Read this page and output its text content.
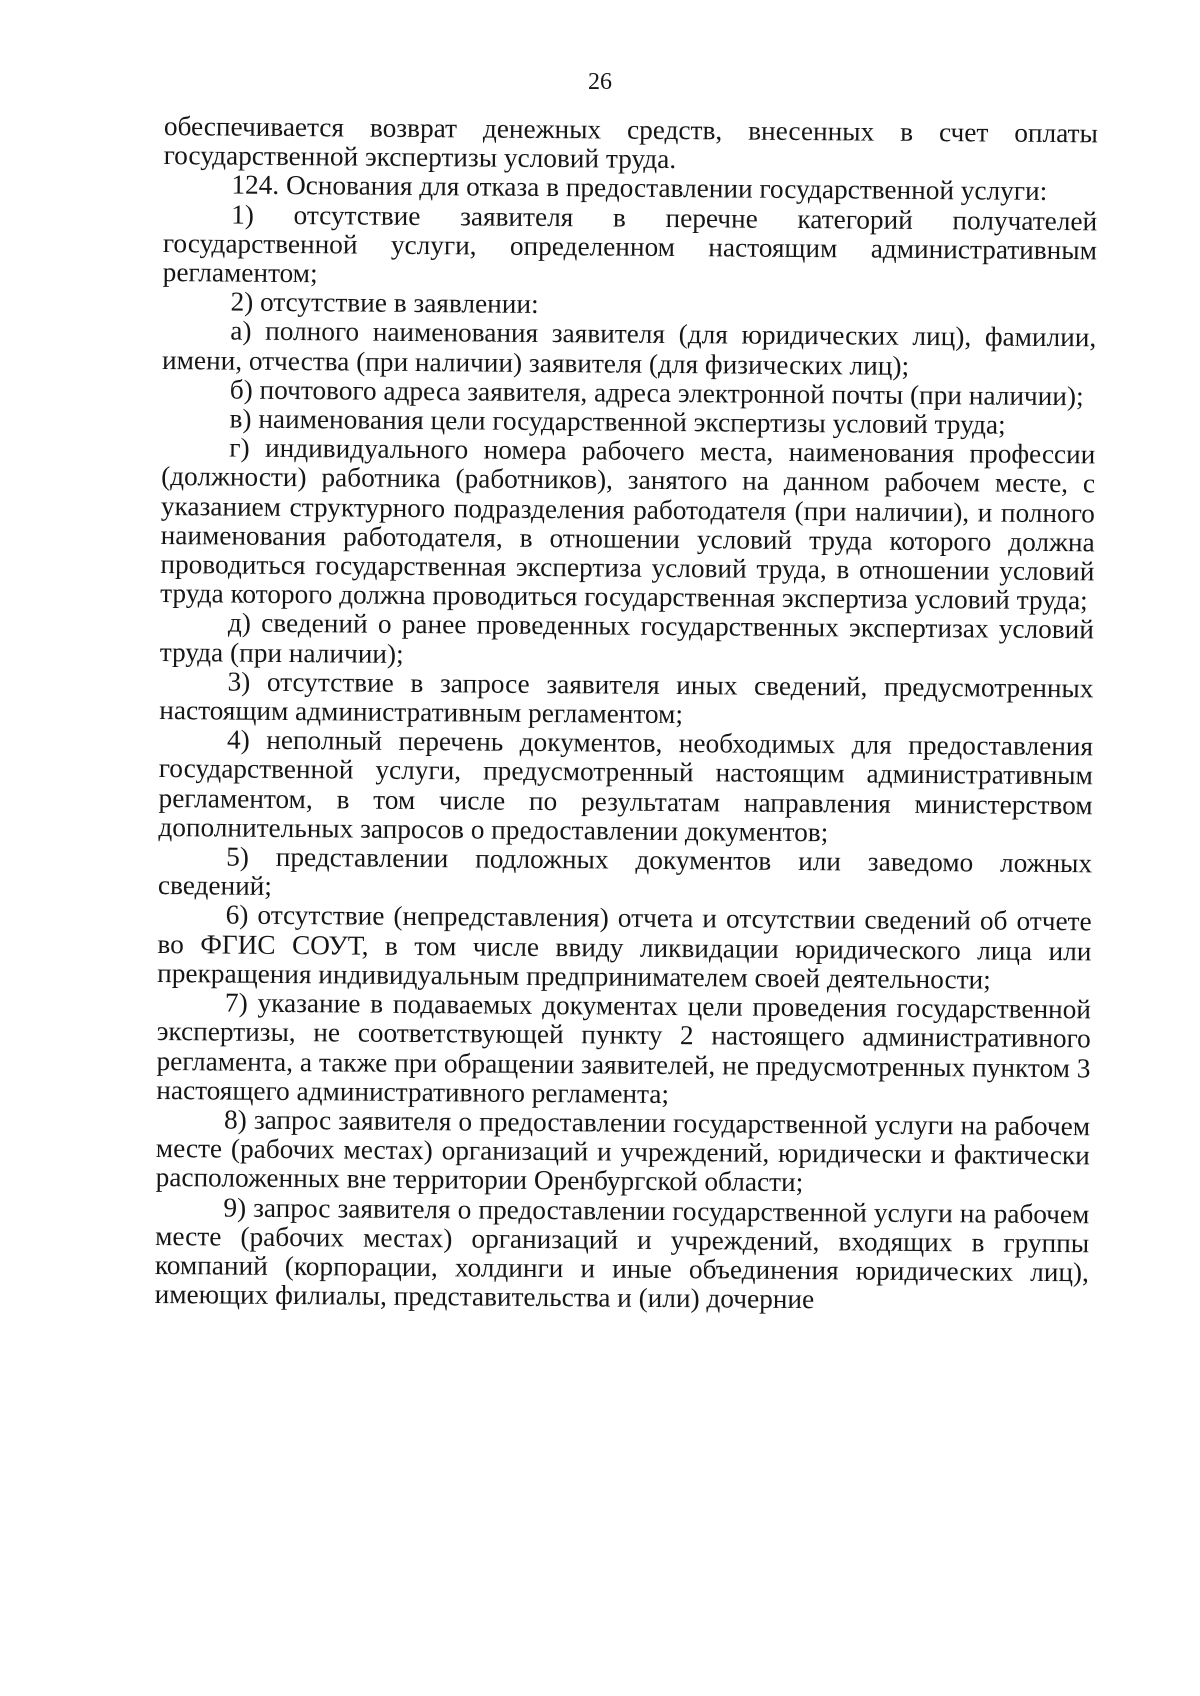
26

обеспечивается возврат денежных средств, внесенных в счет оплаты государственной экспертизы условий труда.

124. Основания для отказа в предоставлении государственной услуги:

1) отсутствие заявителя в перечне категорий получателей государственной услуги, определенном настоящим административным регламентом;

2) отсутствие в заявлении:

а) полного наименования заявителя (для юридических лиц), фамилии, имени, отчества (при наличии) заявителя (для физических лиц);

б) почтового адреса заявителя, адреса электронной почты (при наличии);

в) наименования цели государственной экспертизы условий труда;

г) индивидуального номера рабочего места, наименования профессии (должности) работника (работников), занятого на данном рабочем месте, с указанием структурного подразделения работодателя (при наличии), и полного наименования работодателя, в отношении условий труда которого должна проводиться государственная экспертиза условий труда, в отношении условий труда которого должна проводиться государственная экспертиза условий труда;

д) сведений о ранее проведенных государственных экспертизах условий труда (при наличии);

3) отсутствие в запросе заявителя иных сведений, предусмотренных настоящим административным регламентом;

4) неполный перечень документов, необходимых для предоставления государственной услуги, предусмотренный настоящим административным регламентом, в том числе по результатам направления министерством дополнительных запросов о предоставлении документов;

5) представлении подложных документов или заведомо ложных сведений;

6) отсутствие (непредставления) отчета и отсутствии сведений об отчете во ФГИС СОУТ, в том числе ввиду ликвидации юридического лица или прекращения индивидуальным предпринимателем своей деятельности;

7) указание в подаваемых документах цели проведения государственной экспертизы, не соответствующей пункту 2 настоящего административного регламента, а также при обращении заявителей, не предусмотренных пунктом 3 настоящего административного регламента;

8) запрос заявителя о предоставлении государственной услуги на рабочем месте (рабочих местах) организаций и учреждений, юридически и фактически расположенных вне территории Оренбургской области;

9) запрос заявителя о предоставлении государственной услуги на рабочем месте (рабочих местах) организаций и учреждений, входящих в группы компаний (корпорации, холдинги и иные объединения юридических лиц), имеющих филиалы, представительства и (или) дочерние
